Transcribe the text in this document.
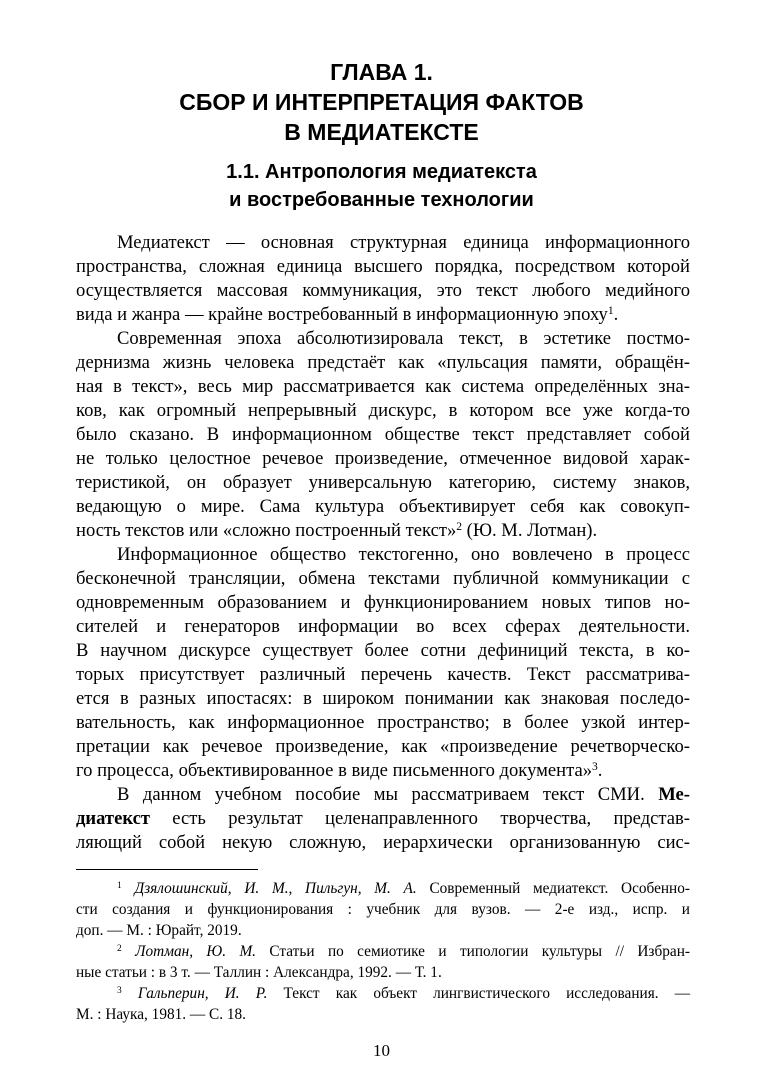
ГЛАВА 1.
СБОР И ИНТЕРПРЕТАЦИЯ ФАКТОВ
В МЕДИАТЕКСТЕ
1.1. Антропология медиатекста
и востребованные технологии
Медиатекст — основная структурная единица информационного
пространства, сложная единица высшего порядка, посредством которой
осуществляется массовая коммуникация, это текст любого медийного
вида и жанра — крайне востребованный в информационную эпоху$^1$.
Современная эпоха абсолютизировала текст, в эстетике постмо-
дернизма жизнь человека предстаёт как «пульсация памяти, обращён-
ная в текст», весь мир рассматривается как система определённых зна-
ков, как огромный непрерывный дискурс, в котором все уже когда-то
было сказано. В информационном обществе текст представляет собой
не только целостное речевое произведение, отмеченное видовой харак-
теристикой, он образует универсальную категорию, систему знаков,
ведающую о мире. Сама культура объективирует себя как совокуп-
ность текстов или «сложно построенный текст»$^2$ (Ю. М. Лотман).
Информационное общество текстогенно, оно вовлечено в процесс
бесконечной трансляции, обмена текстами публичной коммуникации с
одновременным образованием и функционированием новых типов но-
сителей и генераторов информации во всех сферах деятельности.
В научном дискурсе существует более сотни дефиниций текста, в ко-
торых присутствует различный перечень качеств. Текст рассматрива-
ется в разных ипостасях: в широком понимании как знаковая последо-
вательность, как информационное пространство; в более узкой интер-
претации как речевое произведение, как «произведение речетворческо-
го процесса, объективированное в виде письменного документа»$^3$.
В данном учебном пособие мы рассматриваем текст СМИ. Ме-
диатекст есть результат целенаправленного творчества, представ-
ляющий собой некую сложную, иерархически организованную сис-
$^1$ Дзялошинский, И. М., Пильгун, М. А. Современный медиатекст. Особенно-
сти создания и функционирования : учебник для вузов. — 2-е изд., испр. и
доп. — М. : Юрайт, 2019.
$^2$ Лотман, Ю. М. Статьи по семиотике и типологии культуры // Избран-
ные статьи : в 3 т. — Таллин : Александра, 1992. — Т. 1.
$^3$ Гальперин, И. Р. Текст как объект лингвистического исследования. —
М. : Наука, 1981. — С. 18.
10
